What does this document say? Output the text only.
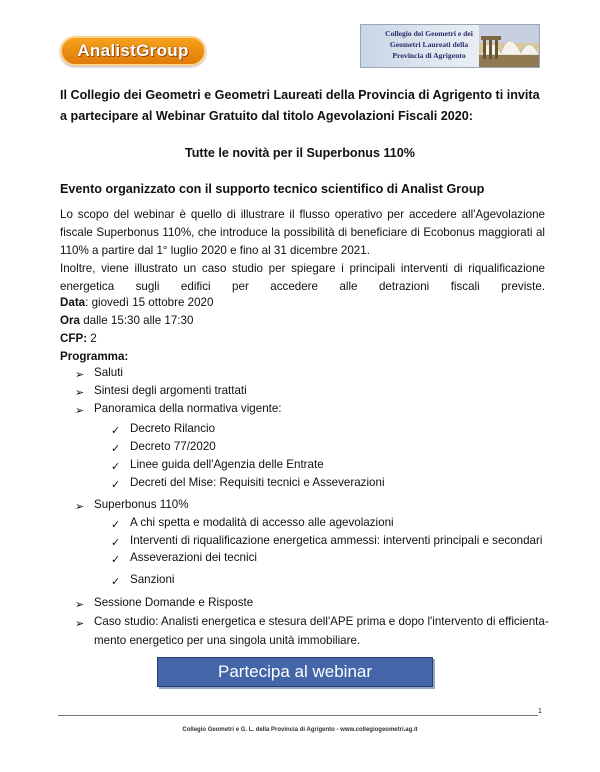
AnalistGroup
Collegio dei Geometri e dei
Geometri Laureati della
Provincia di Agrigento
Il Collegio dei Geometri e Geometri Laureati della Provincia di Agrigento ti invita a partecipare al Webinar Gratuito dal titolo Agevolazioni Fiscali 2020:
Tutte le novità per il Superbonus 110%
Evento organizzato con il supporto tecnico scientifico di Analist Group
Lo scopo del webinar è quello di illustrare il flusso operativo per accedere all'Agevolazione fiscale Superbonus 110%, che introduce la possibilità di beneficiare di Ecobonus maggiorati al 110% a partire dal 1° luglio 2020 e fino al 31 dicembre 2021.
Inoltre, viene illustrato un caso studio per spiegare i principali interventi di riqualificazione energetica sugli edifici per accedere alle detrazioni fiscali previste.
Data: giovedì 15 ottobre 2020
Ora dalle 15:30 alle 17:30
CFP: 2
Programma:
➢ Saluti
➢ Sintesi degli argomenti trattati
➢ Panoramica della normativa vigente:
✓ Decreto Rilancio
✓ Decreto 77/2020
✓ Linee guida dell'Agenzia delle Entrate
✓ Decreti del Mise: Requisiti tecnici e Asseverazioni
➢ Superbonus 110%
✓ A chi spetta e modalità di accesso alle agevolazioni
✓ Interventi di riqualificazione energetica ammessi: interventi principali e secondari
✓ Asseverazioni dei tecnici
✓ Sanzioni
➢ Sessione Domande e Risposte
➢ Caso studio: Analisti energetica e stesura dell'APE prima e dopo l'intervento di efficienta-
mento energetico per una singola unità immobiliare.
Partecipa al webinar
1
Collegio Geometri e G. L. della Provincia di Agrigento - www.collegiogeometri.ag.it
